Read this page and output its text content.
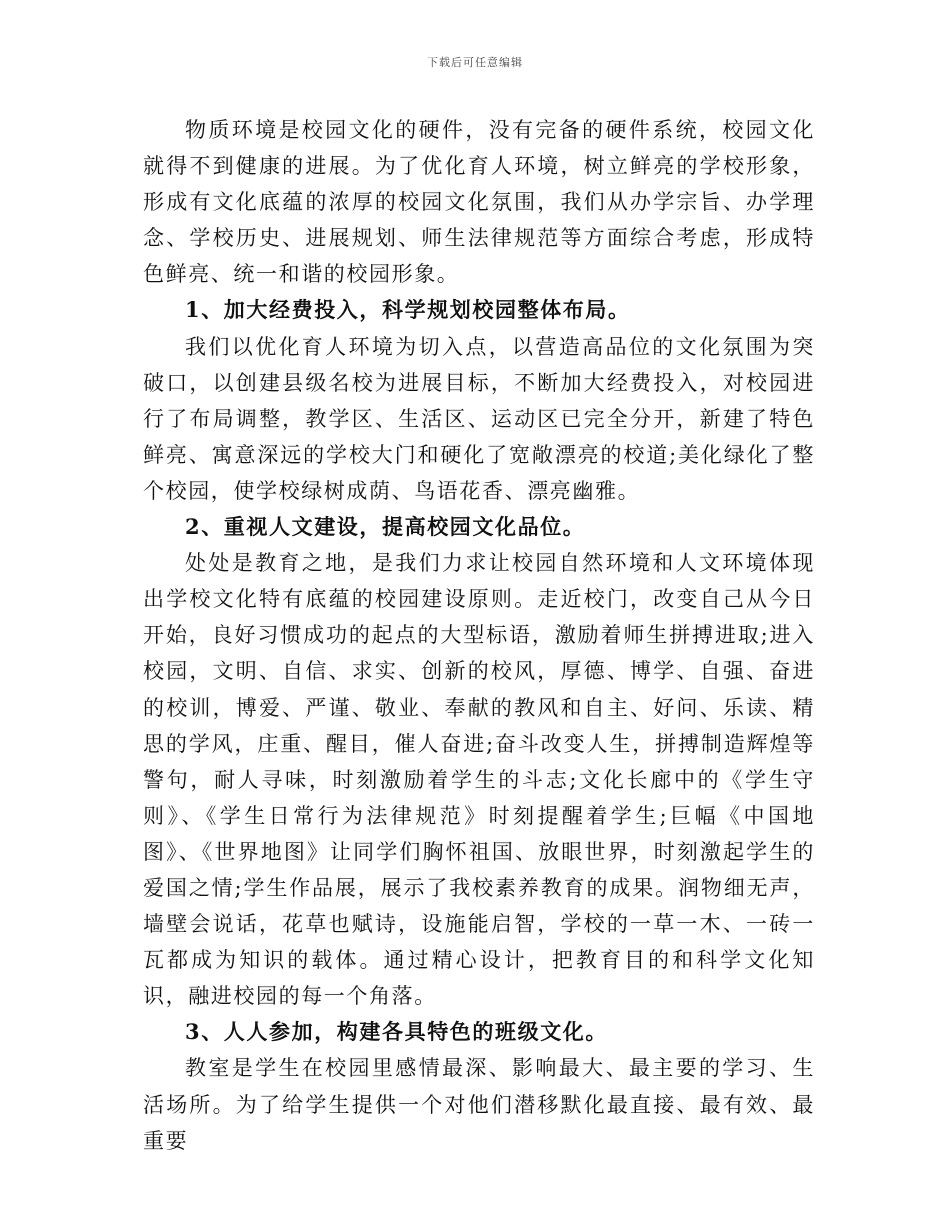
下载后可任意编辑

物质环境是校园文化的硬件，没有完备的硬件系统，校园文化就得不到健康的进展。为了优化育人环境，树立鲜亮的学校形象，形成有文化底蕴的浓厚的校园文化氛围，我们从办学宗旨、办学理念、学校历史、进展规划、师生法律规范等方面综合考虑，形成特色鲜亮、统一和谐的校园形象。

1、加大经费投入，科学规划校园整体布局。

我们以优化育人环境为切入点，以营造高品位的文化氛围为突破口，以创建县级名校为进展目标，不断加大经费投入，对校园进行了布局调整，教学区、生活区、运动区已完全分开，新建了特色鲜亮、寓意深远的学校大门和硬化了宽敞漂亮的校道;美化绿化了整个校园，使学校绿树成荫、鸟语花香、漂亮幽雅。

2、重视人文建设，提高校园文化品位。

处处是教育之地，是我们力求让校园自然环境和人文环境体现出学校文化特有底蕴的校园建设原则。走近校门，改变自己从今日开始，良好习惯成功的起点的大型标语，激励着师生拼搏进取;进入校园，文明、自信、求实、创新的校风，厚德、博学、自强、奋进的校训，博爱、严谨、敬业、奉献的教风和自主、好问、乐读、精思的学风，庄重、醒目，催人奋进;奋斗改变人生，拼搏制造辉煌等警句，耐人寻味，时刻激励着学生的斗志;文化长廊中的《学生守则》、《学生日常行为法律规范》时刻提醒着学生;巨幅《中国地图》、《世界地图》让同学们胸怀祖国、放眼世界，时刻激起学生的爱国之情;学生作品展，展示了我校素养教育的成果。润物细无声，墙壁会说话，花草也赋诗，设施能启智，学校的一草一木、一砖一瓦都成为知识的载体。通过精心设计，把教育目的和科学文化知识，融进校园的每一个角落。

3、人人参加，构建各具特色的班级文化。

教室是学生在校园里感情最深、影响最大、最主要的学习、生活场所。为了给学生提供一个对他们潜移默化最直接、最有效、最重要
